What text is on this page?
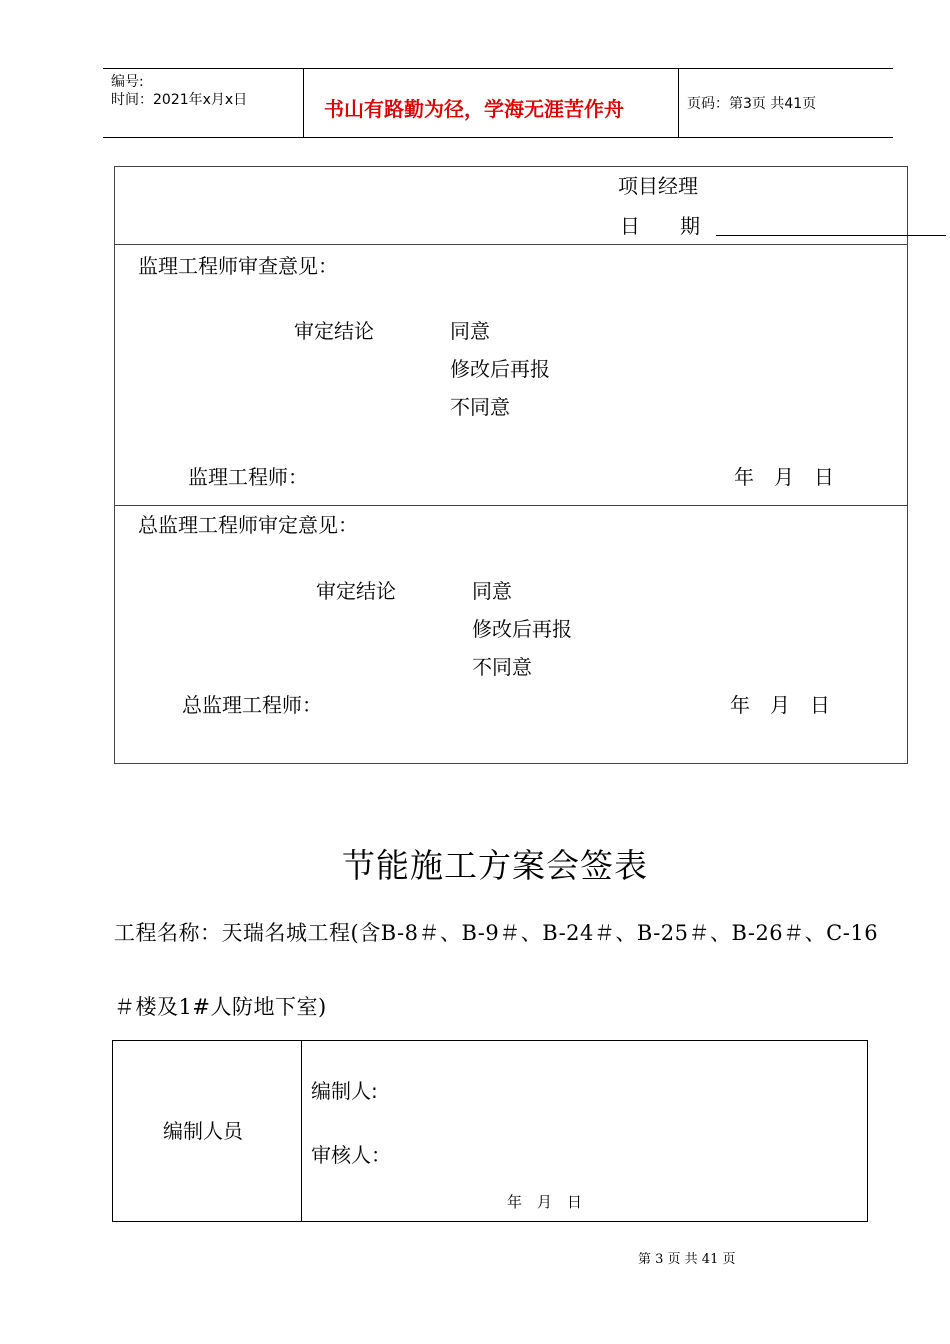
编号:
时间：2021年x月x日	书山有路勤为径，学海无涯苦作舟	页码：第3页 共41页
项目经理
日　　期
监理工程师审查意见：
审定结论	同意
修改后再报
不同意
监理工程师：	年　月　日
总监理工程师审定意见：
审定结论	同意
修改后再报
不同意
总监理工程师：	年　月　日
节能施工方案会签表
工程名称：天瑞名城工程(含B-8＃、B-9＃、B-24＃、B-25＃、B-26＃、C-16
＃楼及1#人防地下室)
编制人员
编制人:
审核人：
年　月　日
第 3 页 共 41 页
